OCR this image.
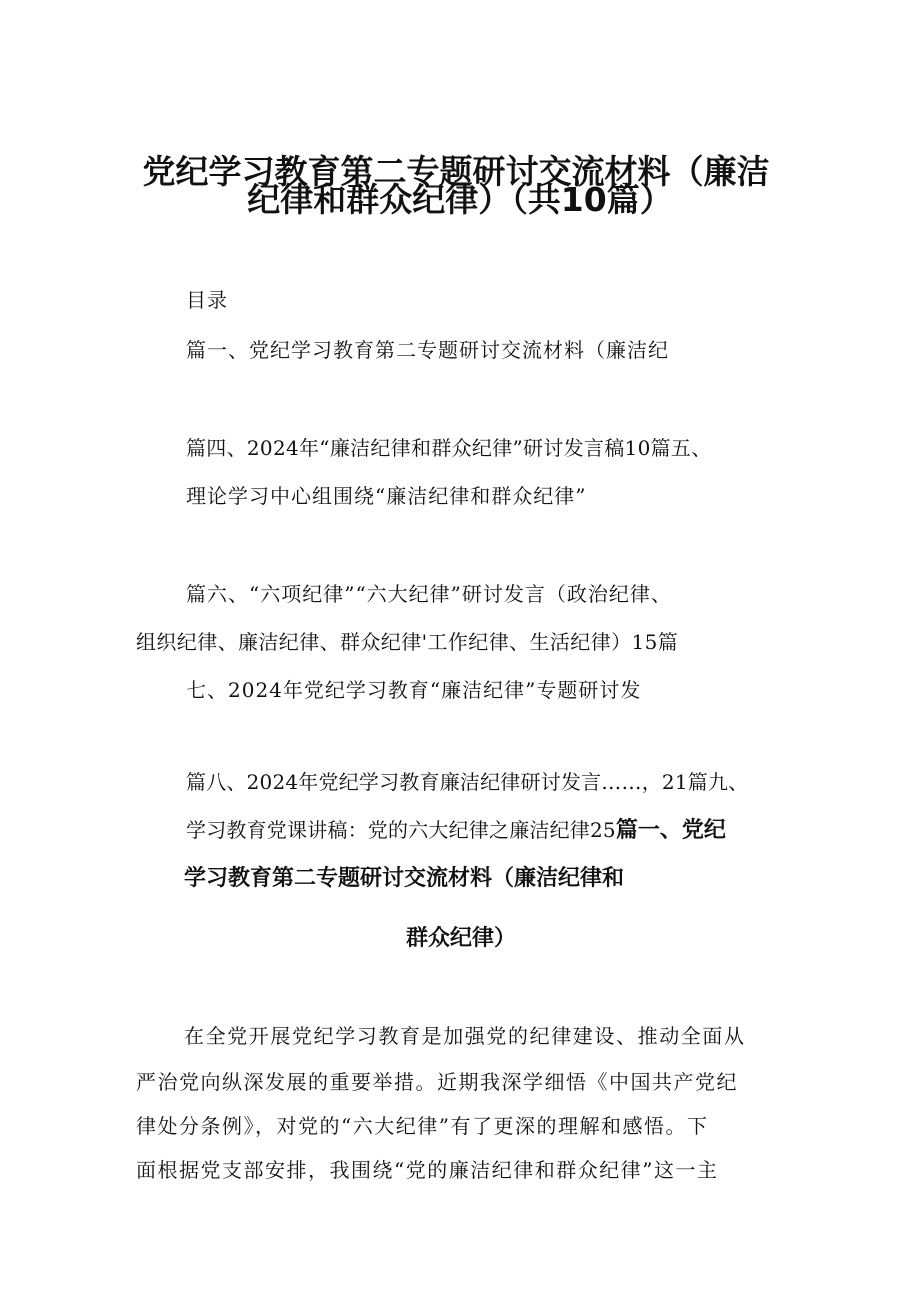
党纪学习教育第二专题研讨交流材料（廉洁
纪律和群众纪律）（共10篇）
目录
篇一、党纪学习教育第二专题研讨交流材料（廉洁纪
篇四、2024年“廉洁纪律和群众纪律”研讨发言稿10篇五、
理论学习中心组围绕“廉洁纪律和群众纪律”
篇六、“六项纪律”“六大纪律”研讨发言（政治纪律、
组织纪律、廉洁纪律、群众纪律'工作纪律、生活纪律）15篇
七、2024年党纪学习教育“廉洁纪律”专题研讨发
篇八、2024年党纪学习教育廉洁纪律研讨发言……，21篇九、
学习教育党课讲稿：党的六大纪律之廉洁纪律25篇一、党纪
学习教育第二专题研讨交流材料（廉洁纪律和
群众纪律）
在全党开展党纪学习教育是加强党的纪律建设、推动全面从
严治党向纵深发展的重要举措。近期我深学细悟《中国共产党纪
律处分条例》，对党的“六大纪律”有了更深的理解和感悟。下
面根据党支部安排，我围绕“党的廉洁纪律和群众纪律”这一主
